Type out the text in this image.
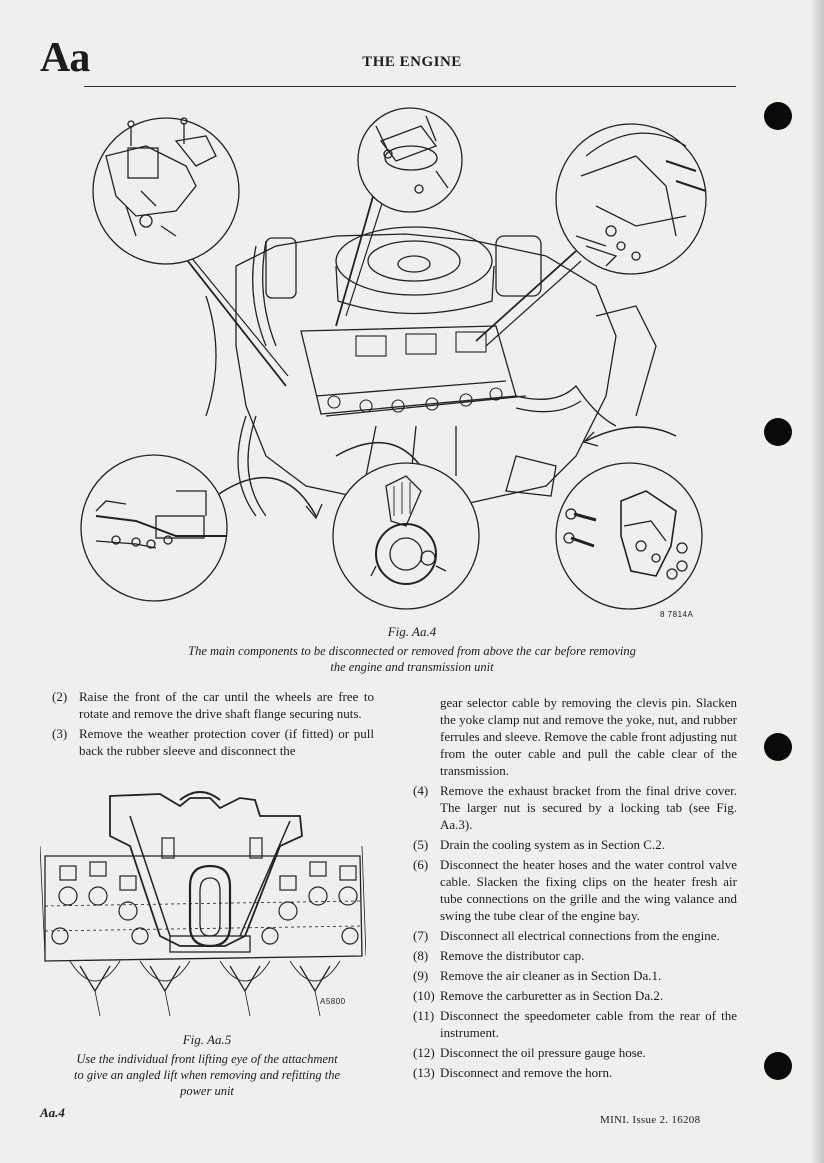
Aa	THE ENGINE
8 7814A
Fig. Aa.4
The main components to be disconnected or removed from above the car before removing
the engine and transmission unit
(2) Raise the front of the car until the wheels are free to rotate and remove the drive shaft flange securing nuts.
(3) Remove the weather protection cover (if fitted) or pull back the rubber sleeve and disconnect the
A5800
Fig. Aa.5
Use the individual front lifting eye of the attachment
to give an angled lift when removing and refitting the
power unit
gear selector cable by removing the clevis pin. Slacken the yoke clamp nut and remove the yoke, nut, and rubber ferrules and sleeve. Remove the cable front adjusting nut from the outer cable and pull the cable clear of the transmission.
(4) Remove the exhaust bracket from the final drive cover. The larger nut is secured by a locking tab (see Fig. Aa.3).
(5) Drain the cooling system as in Section C.2.
(6) Disconnect the heater hoses and the water control valve cable. Slacken the fixing clips on the heater fresh air tube connections on the grille and the wing valance and swing the tube clear of the engine bay.
(7) Disconnect all electrical connections from the engine.
(8) Remove the distributor cap.
(9) Remove the air cleaner as in Section Da.1.
(10) Remove the carburetter as in Section Da.2.
(11) Disconnect the speedometer cable from the rear of the instrument.
(12) Disconnect the oil pressure gauge hose.
(13) Disconnect and remove the horn.
Aa.4	MINI. Issue 2. 16208
